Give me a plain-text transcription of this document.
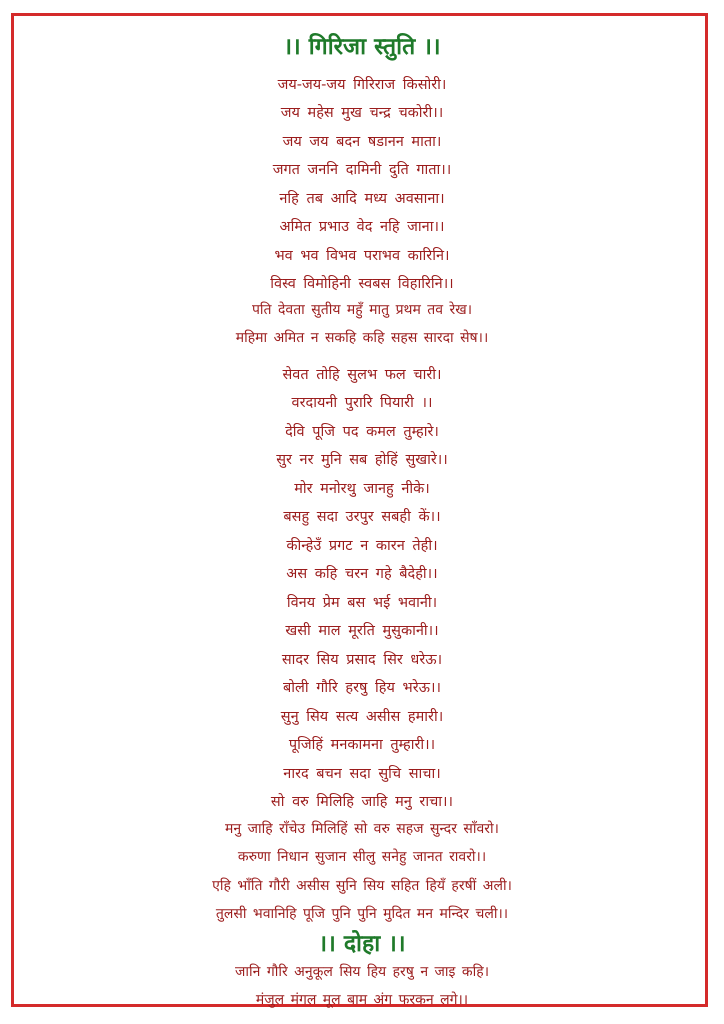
।। गिरिजा स्तुति ।।
जय-जय-जय गिरिराज किसोरी।
जय महेस मुख चन्द्र चकोरी।।
जय जय बदन षडानन माता।
जगत जननि दामिनी दुति गाता।।
नहि तब आदि मध्य अवसाना।
अमित प्रभाउ वेद नहि जाना।।
भव भव विभव पराभव कारिनि।
विस्व विमोहिनी स्वबस विहारिनि।।
पति देवता सुतीय महुँ मातु प्रथम तव रेख।
महिमा अमित न सकहि कहि सहस सारदा सेष।।
सेवत तोहि सुलभ फल चारी।
वरदायनी पुरारि पियारी ।।
देवि पूजि पद कमल तुम्हारे।
सुर नर मुनि सब होहिं सुखारे।।
मोर मनोरथु जानहु नीके।
बसहु सदा उरपुर सबही कें।।
कीन्हेउँ प्रगट न कारन तेही।
अस कहि चरन गहे बैदेही।।
विनय प्रेम बस भई भवानी।
खसी माल मूरति मुसुकानी।।
सादर सिय प्रसाद सिर धरेऊ।
बोली गौरि हरषु हिय भरेऊ।।
सुनु सिय सत्य असीस हमारी।
पूजिहिं मनकामना तुम्हारी।।
नारद बचन सदा सुचि साचा।
सो वरु मिलिहि जाहि मनु राचा।।
मनु जाहि राँचेउ मिलिहिं सो वरु सहज सुन्दर साँवरो।
करुणा निधान सुजान सीलु सनेहु जानत रावरो।।
एहि भाँति गौरी असीस सुनि सिय सहित हियँ हरषीं अली।
तुलसी भवानिहि पूजि पुनि पुनि मुदित मन मन्दिर चली।।
।। दोहा ।।
जानि गौरि अनुकूल सिय हिय हरषु न जाइ कहि।
मंजुल मंगल मूल बाम अंग फरकन लगे।।
